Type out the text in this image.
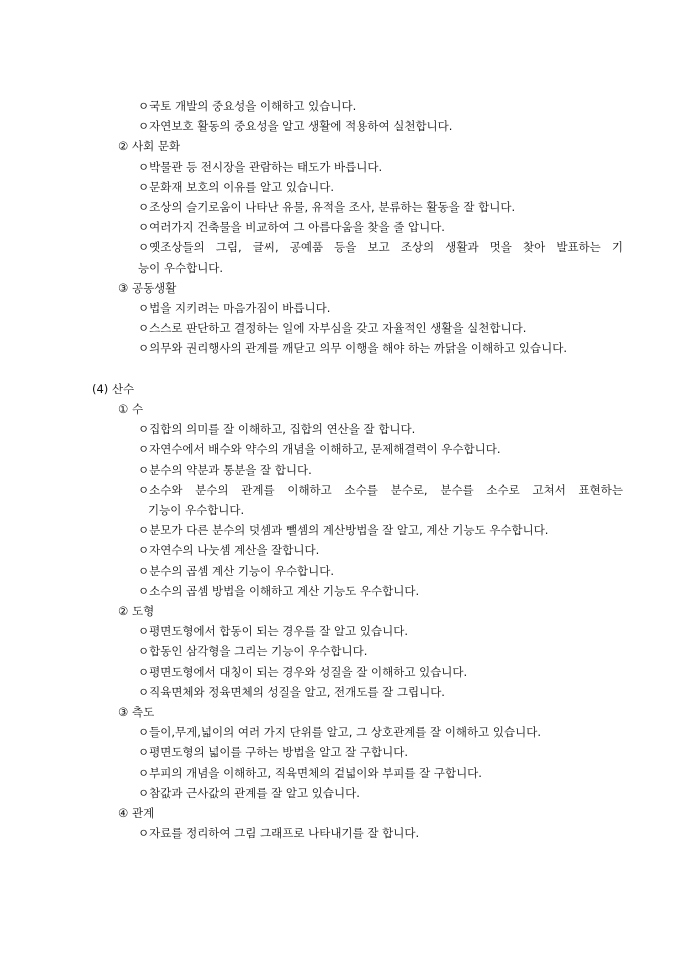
ㅇ국토 개발의 중요성을 이해하고 있습니다.
ㅇ자연보호 활동의 중요성을 알고 생활에 적용하여 실천합니다.
② 사회 문화
ㅇ박물관 등 전시장을 관람하는 태도가 바릅니다.
ㅇ문화재 보호의 이유를 알고 있습니다.
ㅇ조상의 슬기로움이 나타난 유물, 유적을 조사, 분류하는 활동을 잘 합니다.
ㅇ여러가지 건축물을 비교하여 그 아름다움을 찾을 줄 압니다.
ㅇ옛조상들의 그림, 글씨, 공예품 등을 보고 조상의 생활과 멋을 찾아 발표하는 기
능이 우수합니다.
③ 공동생활
ㅇ법을 지키려는 마음가짐이 바릅니다.
ㅇ스스로 판단하고 결정하는 일에 자부심을 갖고 자율적인 생활을 실천합니다.
ㅇ의무와 권리행사의 관계를 깨닫고 의무 이행을 해야 하는 까닭을 이해하고 있습니다.
(4) 산수
① 수
ㅇ집합의 의미를 잘 이해하고, 집합의 연산을 잘 합니다.
ㅇ자연수에서 배수와 약수의 개념을 이해하고, 문제해결력이 우수합니다.
ㅇ분수의 약분과 통분을 잘 합니다.
ㅇ소수와 분수의 관계를 이해하고 소수를 분수로, 분수를 소수로 고쳐서 표현하는
기능이 우수합니다.
ㅇ분모가 다른 분수의 덧셈과 뺄셈의 계산방법을 잘 알고, 계산 기능도 우수합니다.
ㅇ자연수의 나눗셈 계산을 잘합니다.
ㅇ분수의 곱셈 계산 기능이 우수합니다.
ㅇ소수의 곱셈 방법을 이해하고 계산 기능도 우수합니다.
② 도형
ㅇ평면도형에서 합동이 되는 경우를 잘 알고 있습니다.
ㅇ합동인 삼각형을 그리는 기능이 우수합니다.
ㅇ평면도형에서 대칭이 되는 경우와 성질을 잘 이해하고 있습니다.
ㅇ직육면체와 정육면체의 성질을 알고, 전개도를 잘 그립니다.
③ 측도
ㅇ들이,무게,넓이의 여러 가지 단위를 알고, 그 상호관계를 잘 이해하고 있습니다.
ㅇ평면도형의 넓이를 구하는 방법을 알고 잘 구합니다.
ㅇ부피의 개념을 이해하고, 직육면체의 겉넓이와 부피를 잘 구합니다.
ㅇ참값과 근사값의 관계를 잘 알고 있습니다.
④ 관계
ㅇ자료를 정리하여 그림 그래프로 나타내기를 잘 합니다.
